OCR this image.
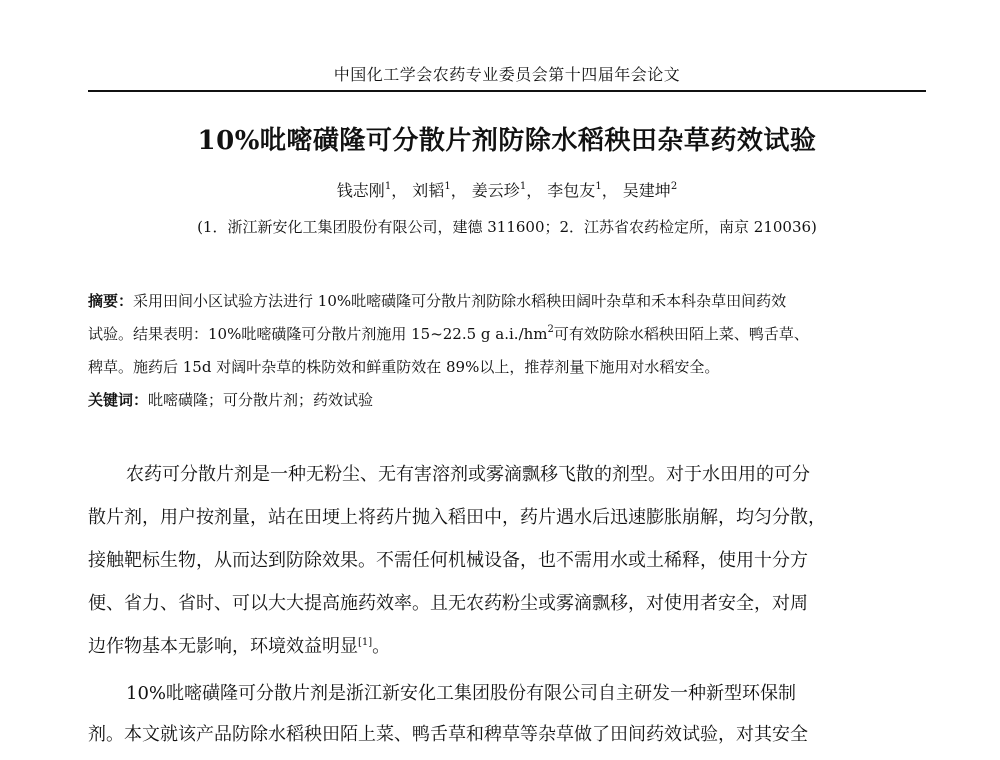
中国化工学会农药专业委员会第十四届年会论文
10%吡嘧磺隆可分散片剂防除水稻秧田杂草药效试验
钱志刚$^1$， 刘韬$^1$， 姜云珍$^1$， 李包友$^1$， 吴建坤$^2$
(1．浙江新安化工集团股份有限公司，建德 311600；2．江苏省农药检定所，南京 210036)
摘要：采用田间小区试验方法进行 10%吡嘧磺隆可分散片剂防除水稻秧田阔叶杂草和禾本科杂草田间药效
试验。结果表明：10%吡嘧磺隆可分散片剂施用 15~22.5 g $a.i./hm^2$可有效防除水稻秧田陌上菜、鸭舌草、
稗草。施药后 15d 对阔叶杂草的株防效和鲜重防效在 89%以上，推荐剂量下施用对水稻安全。
关键词：吡嘧磺隆；可分散片剂；药效试验
农药可分散片剂是一种无粉尘、无有害溶剂或雾滴飘移飞散的剂型。对于水田用的可分
散片剂，用户按剂量，站在田埂上将药片抛入稻田中，药片遇水后迅速膨胀崩解，均匀分散，
接触靶标生物，从而达到防除效果。不需任何机械设备，也不需用水或土稀释，使用十分方
便、省力、省时、可以大大提高施药效率。且无农药粉尘或雾滴飘移，对使用者安全，对周
边作物基本无影响，环境效益明显[1]。
10%吡嘧磺隆可分散片剂是浙江新安化工集团股份有限公司自主研发一种新型环保制
剂。本文就该产品防除水稻秧田陌上菜、鸭舌草和稗草等杂草做了田间药效试验，对其安全
